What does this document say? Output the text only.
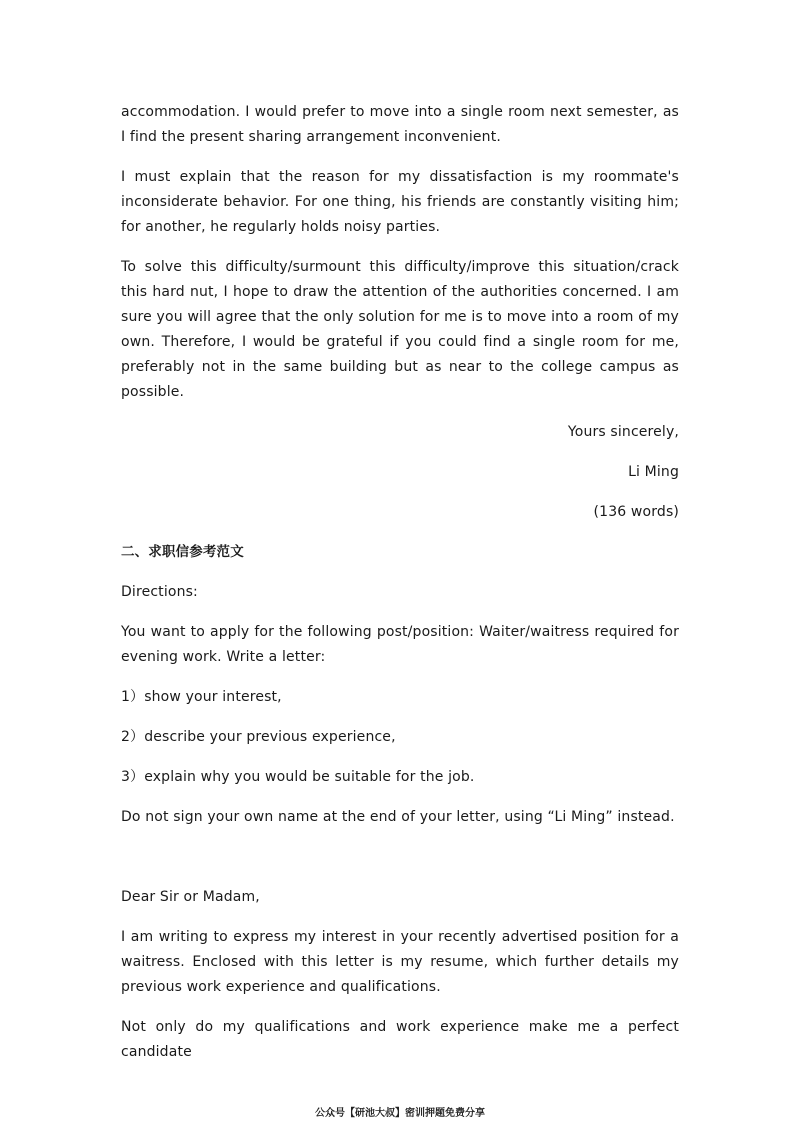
accommodation. I would prefer to move into a single room next semester, as I find the present sharing arrangement inconvenient.

I must explain that the reason for my dissatisfaction is my roommate's inconsiderate behavior. For one thing, his friends are constantly visiting him; for another, he regularly holds noisy parties.

To solve this difficulty/surmount this difficulty/improve this situation/crack this hard nut, I hope to draw the attention of the authorities concerned. I am sure you will agree that the only solution for me is to move into a room of my own. Therefore, I would be grateful if you could find a single room for me, preferably not in the same building but as near to the college campus as possible.

Yours sincerely,

Li Ming

(136 words)

二、求职信参考范文

Directions:

You want to apply for the following post/position: Waiter/waitress required for evening work. Write a letter:

1）show your interest,

2）describe your previous experience,

3）explain why you would be suitable for the job.

Do not sign your own name at the end of your letter, using “Li Ming” instead.

Dear Sir or Madam,

I am writing to express my interest in your recently advertised position for a waitress. Enclosed with this letter is my resume, which further details my previous work experience and qualifications.

Not only do my qualifications and work experience make me a perfect candidate

公众号【研池大叔】密训押题免费分享
